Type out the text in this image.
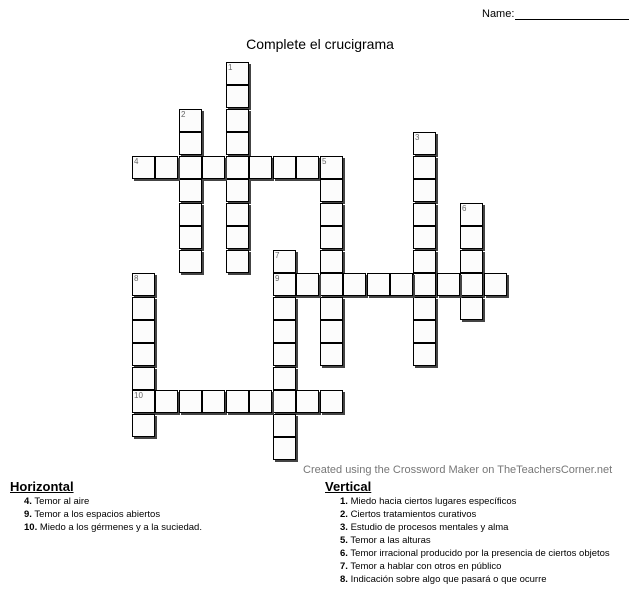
Name:
Complete el crucigrama
1
2
3
4	5
6
7
9
8
10
Created using the Crossword Maker on TheTeachersCorner.net
Horizontal
4. Temor al aire
9. Temor a los espacios abiertos
10. Miedo a los gérmenes y a la suciedad.
Vertical
1. Miedo hacia ciertos lugares específicos
2. Ciertos tratamientos curativos
3. Estudio de procesos mentales y alma
5. Temor a las alturas
6. Temor irracional producido por la presencia de ciertos objetos
7. Temor a hablar con otros en público
8. Indicación sobre algo que pasará o que ocurre
